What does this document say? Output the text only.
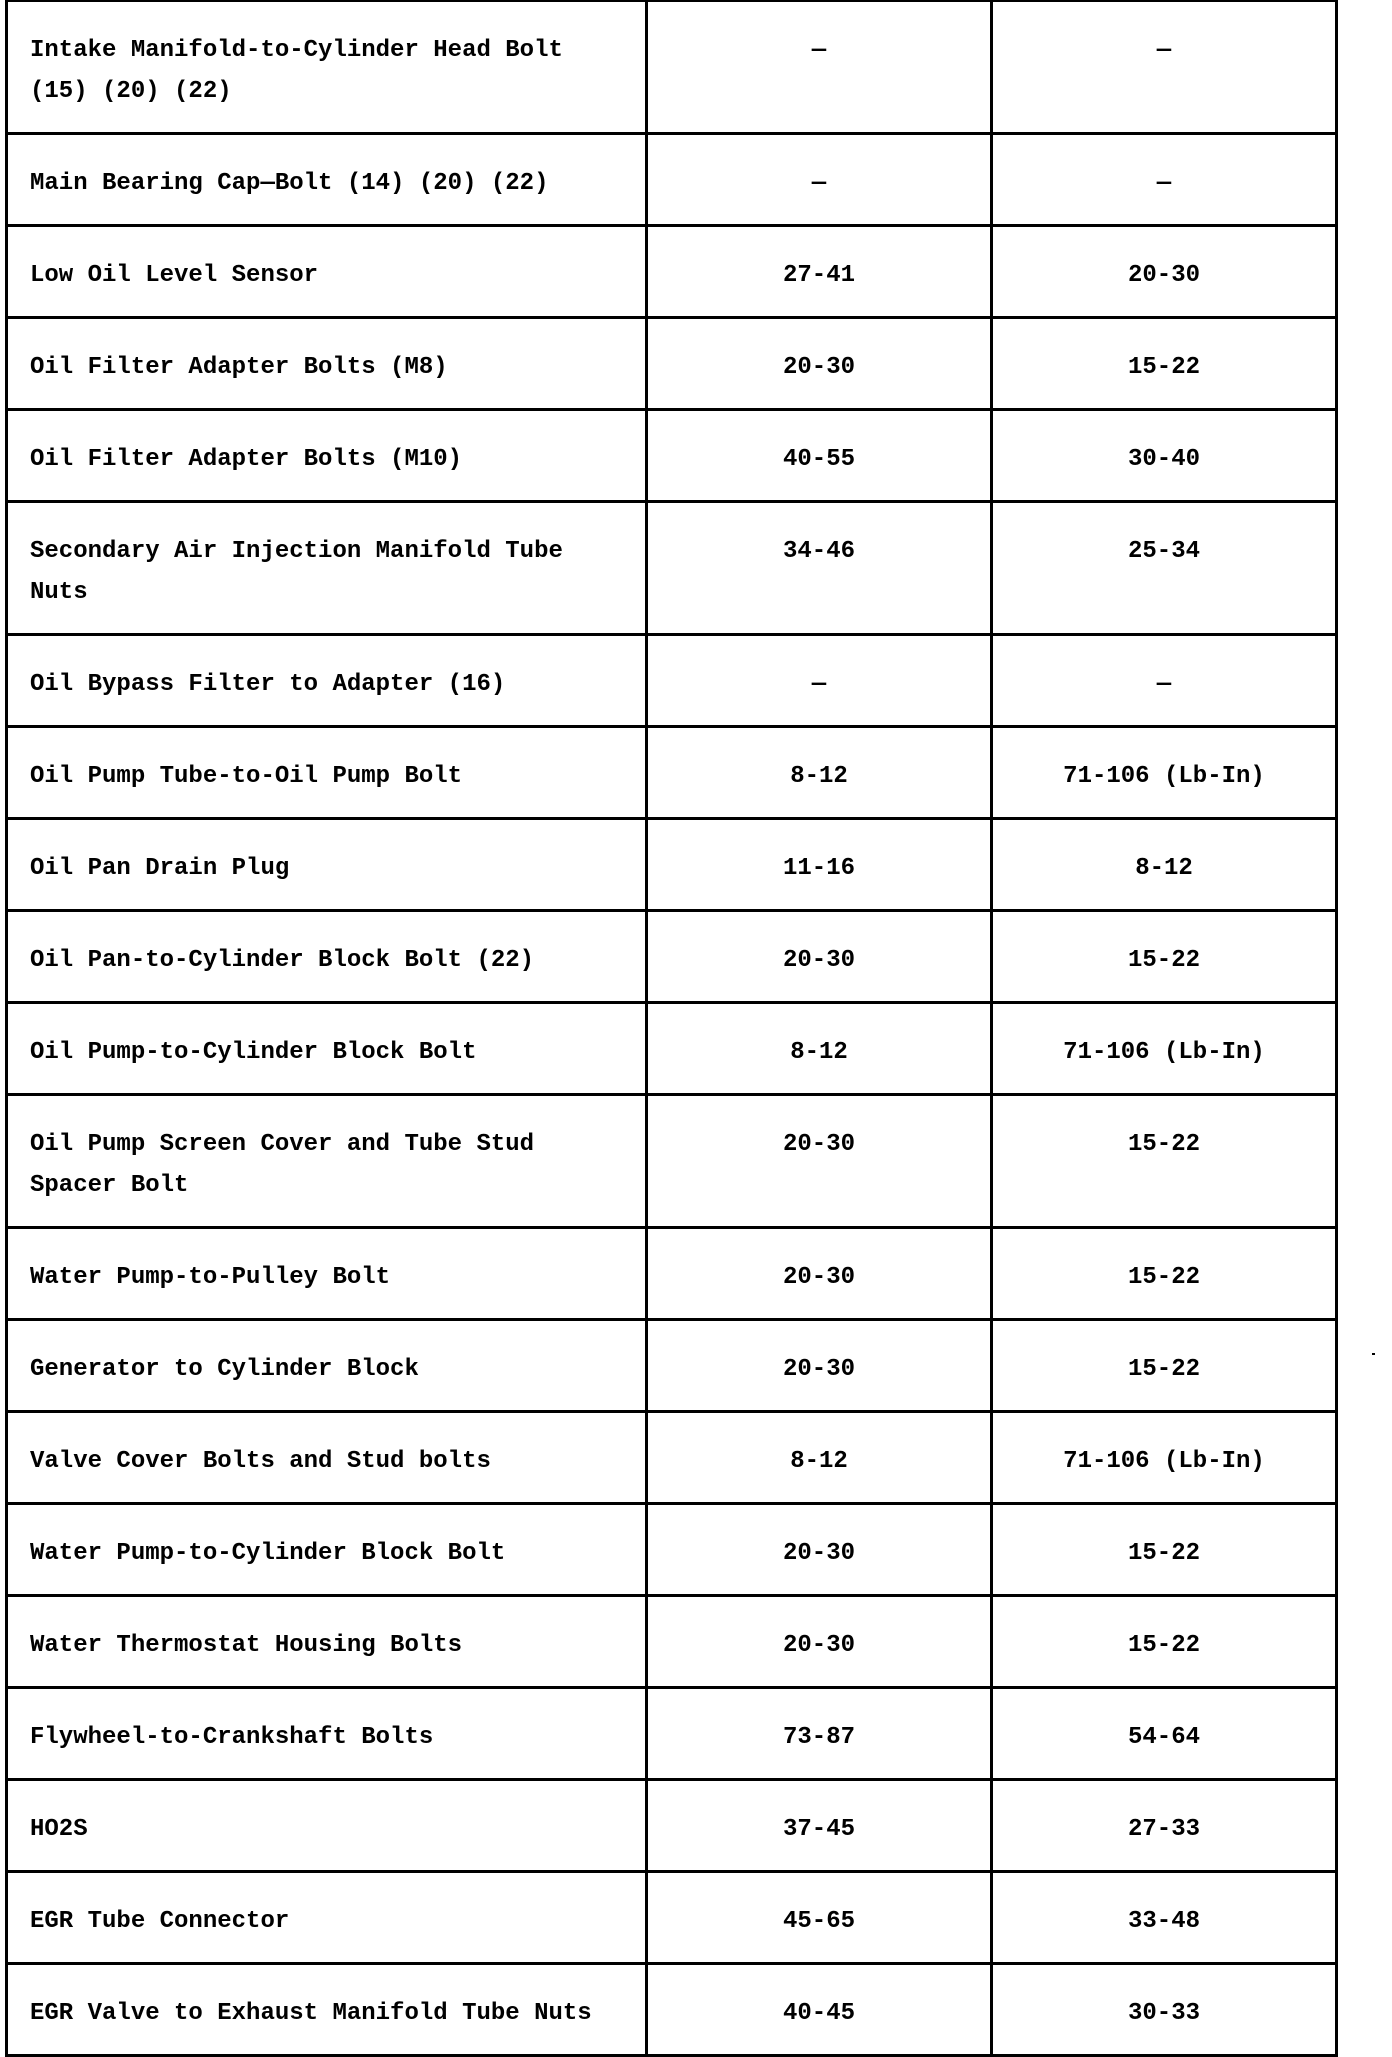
Intake Manifold-to-Cylinder Head Bolt (15) (20) (22)	—	—
Main Bearing Cap—Bolt (14) (20) (22)	—	—
Low Oil Level Sensor	27-41	20-30
Oil Filter Adapter Bolts (M8)	20-30	15-22
Oil Filter Adapter Bolts (M10)	40-55	30-40
Secondary Air Injection Manifold Tube Nuts	34-46	25-34
Oil Bypass Filter to Adapter (16)	—	—
Oil Pump Tube-to-Oil Pump Bolt	8-12	71-106 (Lb-In)
Oil Pan Drain Plug	11-16	8-12
Oil Pan-to-Cylinder Block Bolt (22)	20-30	15-22
Oil Pump-to-Cylinder Block Bolt	8-12	71-106 (Lb-In)
Oil Pump Screen Cover and Tube Stud Spacer Bolt	20-30	15-22
Water Pump-to-Pulley Bolt	20-30	15-22
Generator to Cylinder Block	20-30	15-22
Valve Cover Bolts and Stud bolts	8-12	71-106 (Lb-In)
Water Pump-to-Cylinder Block Bolt	20-30	15-22
Water Thermostat Housing Bolts	20-30	15-22
Flywheel-to-Crankshaft Bolts	73-87	54-64
HO2S	37-45	27-33
EGR Tube Connector	45-65	33-48
EGR Valve to Exhaust Manifold Tube Nuts	40-45	30-33
